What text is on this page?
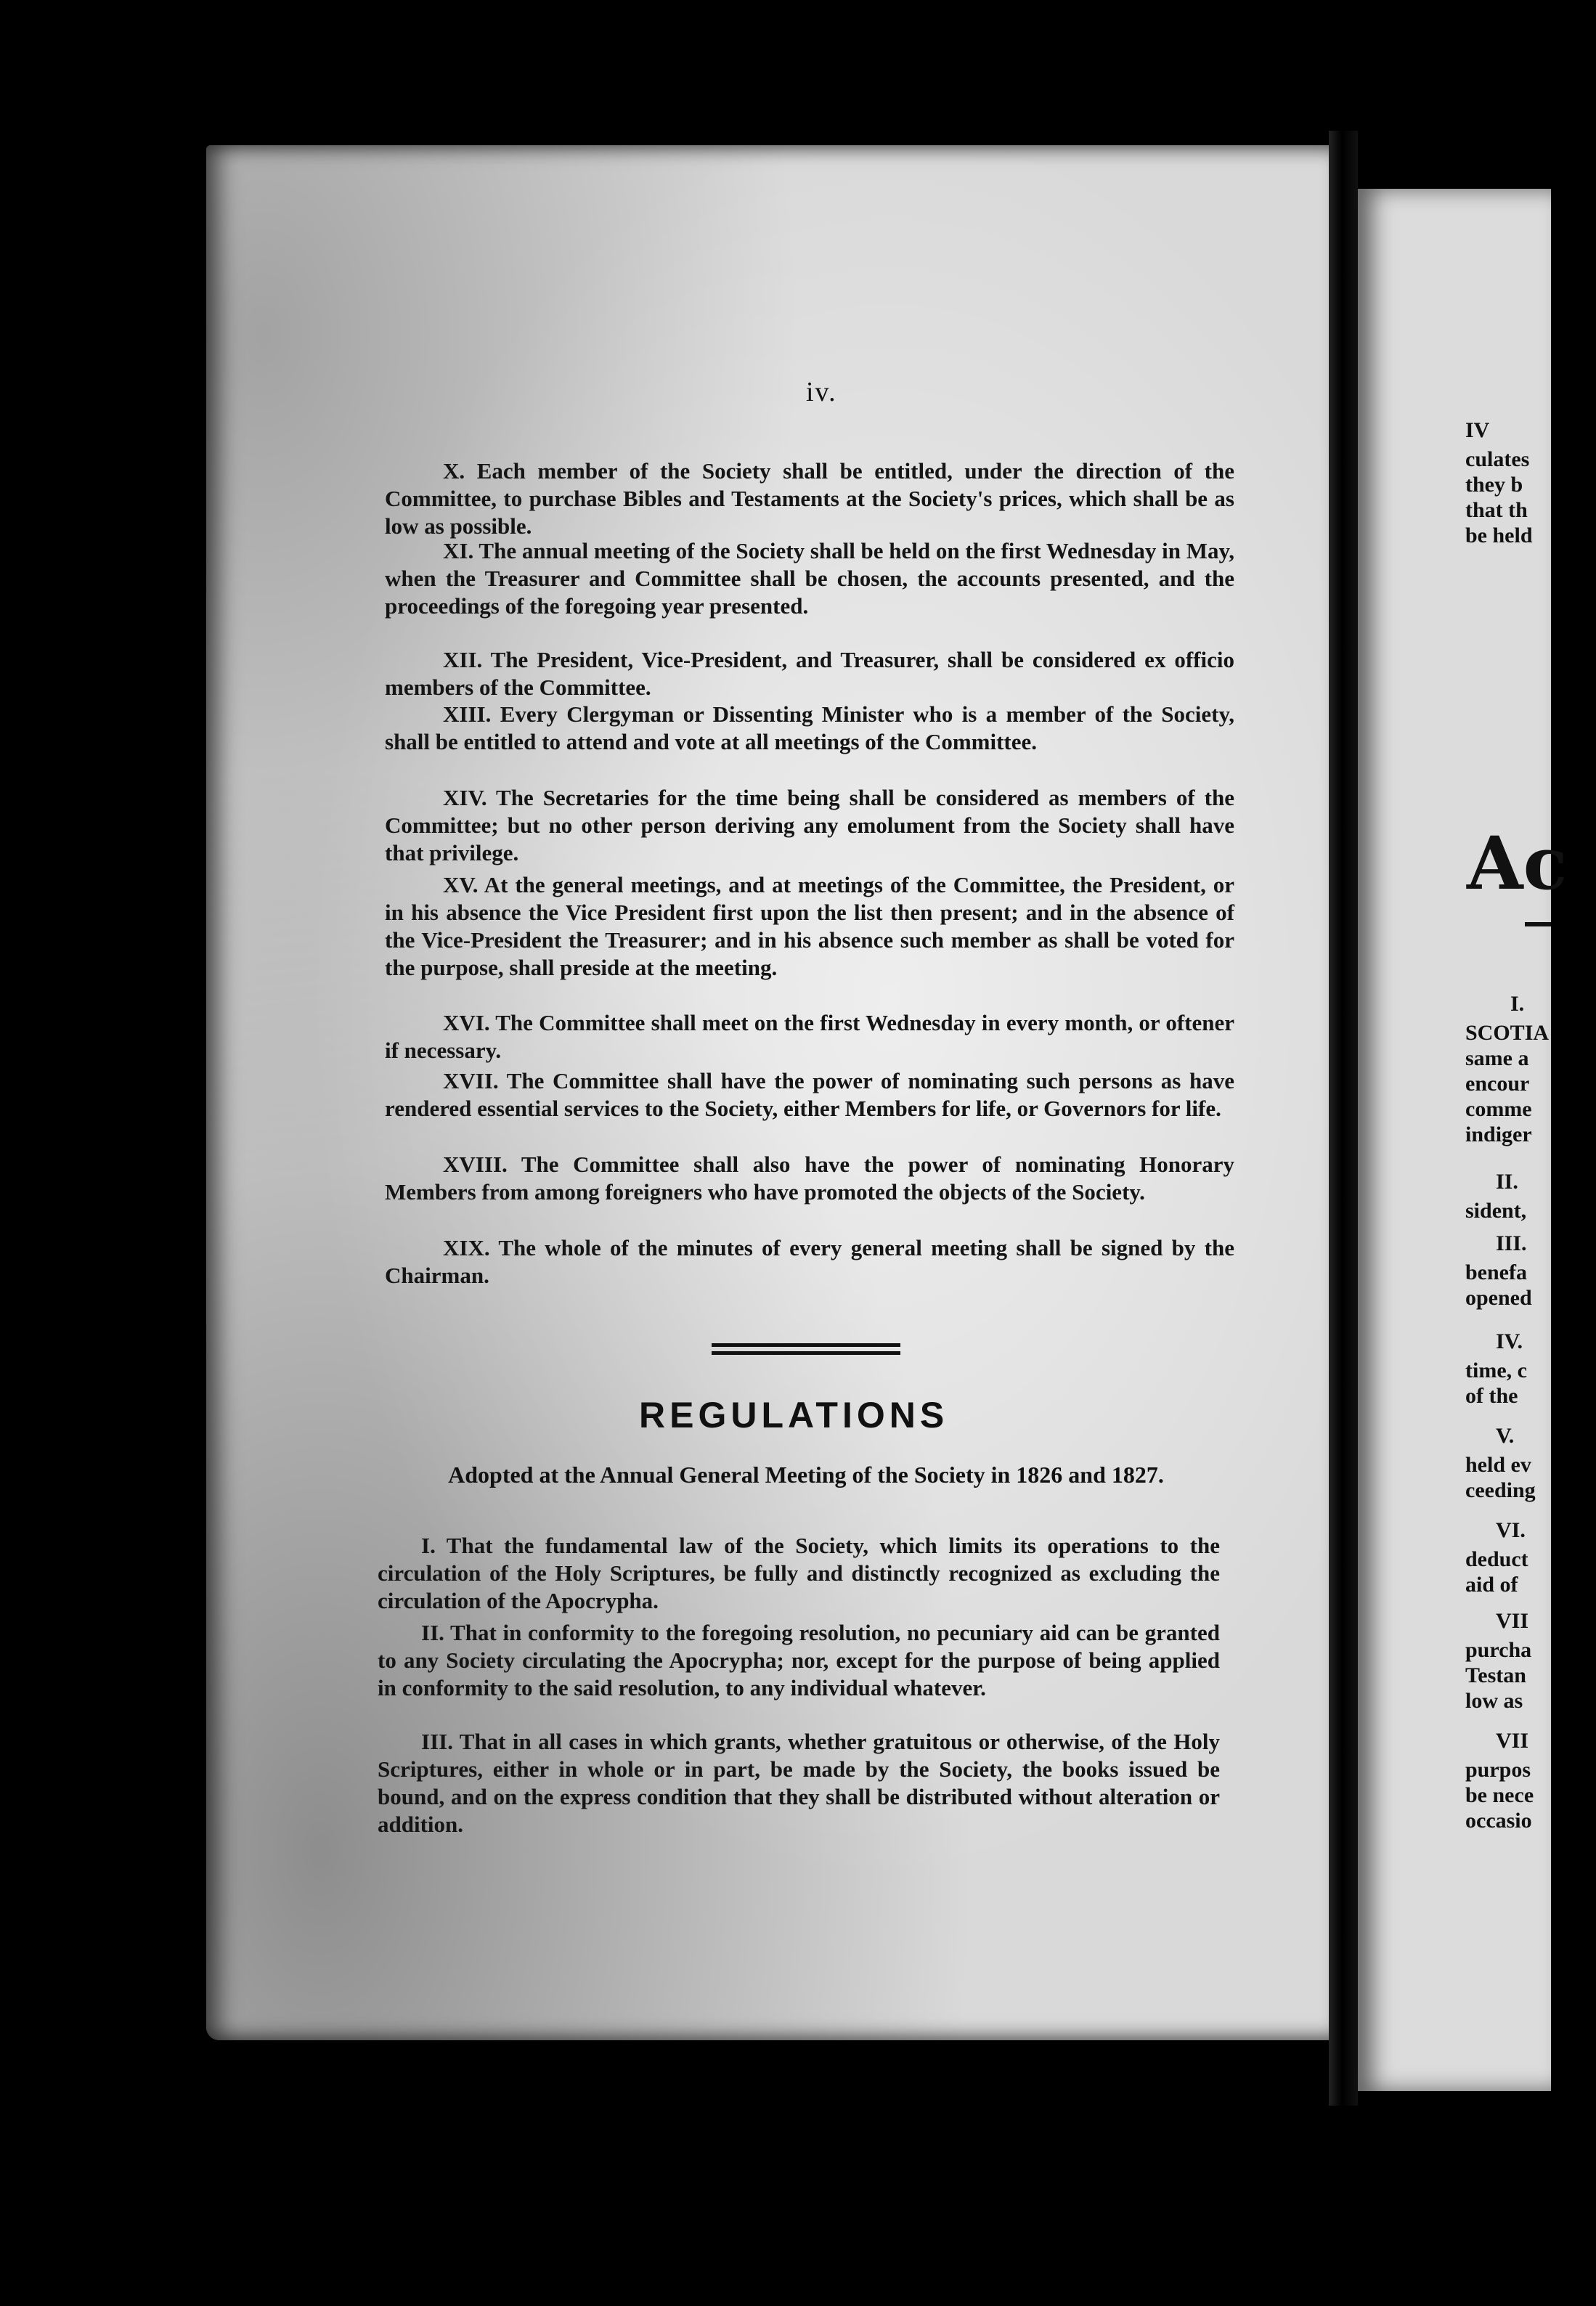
iv.
X. Each member of the Society shall be entitled, under the direction of the Committee, to purchase Bibles and Testaments at the Society's prices, which shall be as low as possible.
XI. The annual meeting of the Society shall be held on the first Wednesday in May, when the Treasurer and Committee shall be chosen, the accounts presented, and the proceedings of the foregoing year presented.
XII. The President, Vice-President, and Treasurer, shall be considered ex officio members of the Committee.
XIII. Every Clergyman or Dissenting Minister who is a member of the Society, shall be entitled to attend and vote at all meetings of the Committee.
XIV. The Secretaries for the time being shall be considered as members of the Committee; but no other person deriving any emolument from the Society shall have that privilege.
XV. At the general meetings, and at meetings of the Committee, the President, or in his absence the Vice President first upon the list then present; and in the absence of the Vice-President the Treasurer; and in his absence such member as shall be voted for the purpose, shall preside at the meeting.
XVI. The Committee shall meet on the first Wednesday in every month, or oftener if necessary.
XVII. The Committee shall have the power of nominating such persons as have rendered essential services to the Society, either Members for life, or Governors for life.
XVIII. The Committee shall also have the power of nominating Honorary Members from among foreigners who have promoted the objects of the Society.
XIX. The whole of the minutes of every general meeting shall be signed by the Chairman.
REGULATIONS
Adopted at the Annual General Meeting of the Society in 1826 and 1827.
I. That the fundamental law of the Society, which limits its operations to the circulation of the Holy Scriptures, be fully and distinctly recognized as excluding the circulation of the Apocrypha.
II. That in conformity to the foregoing resolution, no pecuniary aid can be granted to any Society circulating the Apocrypha; nor, except for the purpose of being applied in conformity to the said resolution, to any individual whatever.
III. That in all cases in which grants, whether gratuitous or otherwise, of the Holy Scriptures, either in whole or in part, be made by the Society, the books issued be bound, and on the express condition that they shall be distributed without alteration or addition.
IV
culates
they b
that th
be held
Ac
I.
SCOTIA
same a
encour
comme
indiger
II.
sident,
III.
benefa
opened
IV.
time, c
of the
V.
held ev
ceeding
VI.
deduct
aid of
VII
purcha
Testan
low as
VII
purpos
be nece
occasio
